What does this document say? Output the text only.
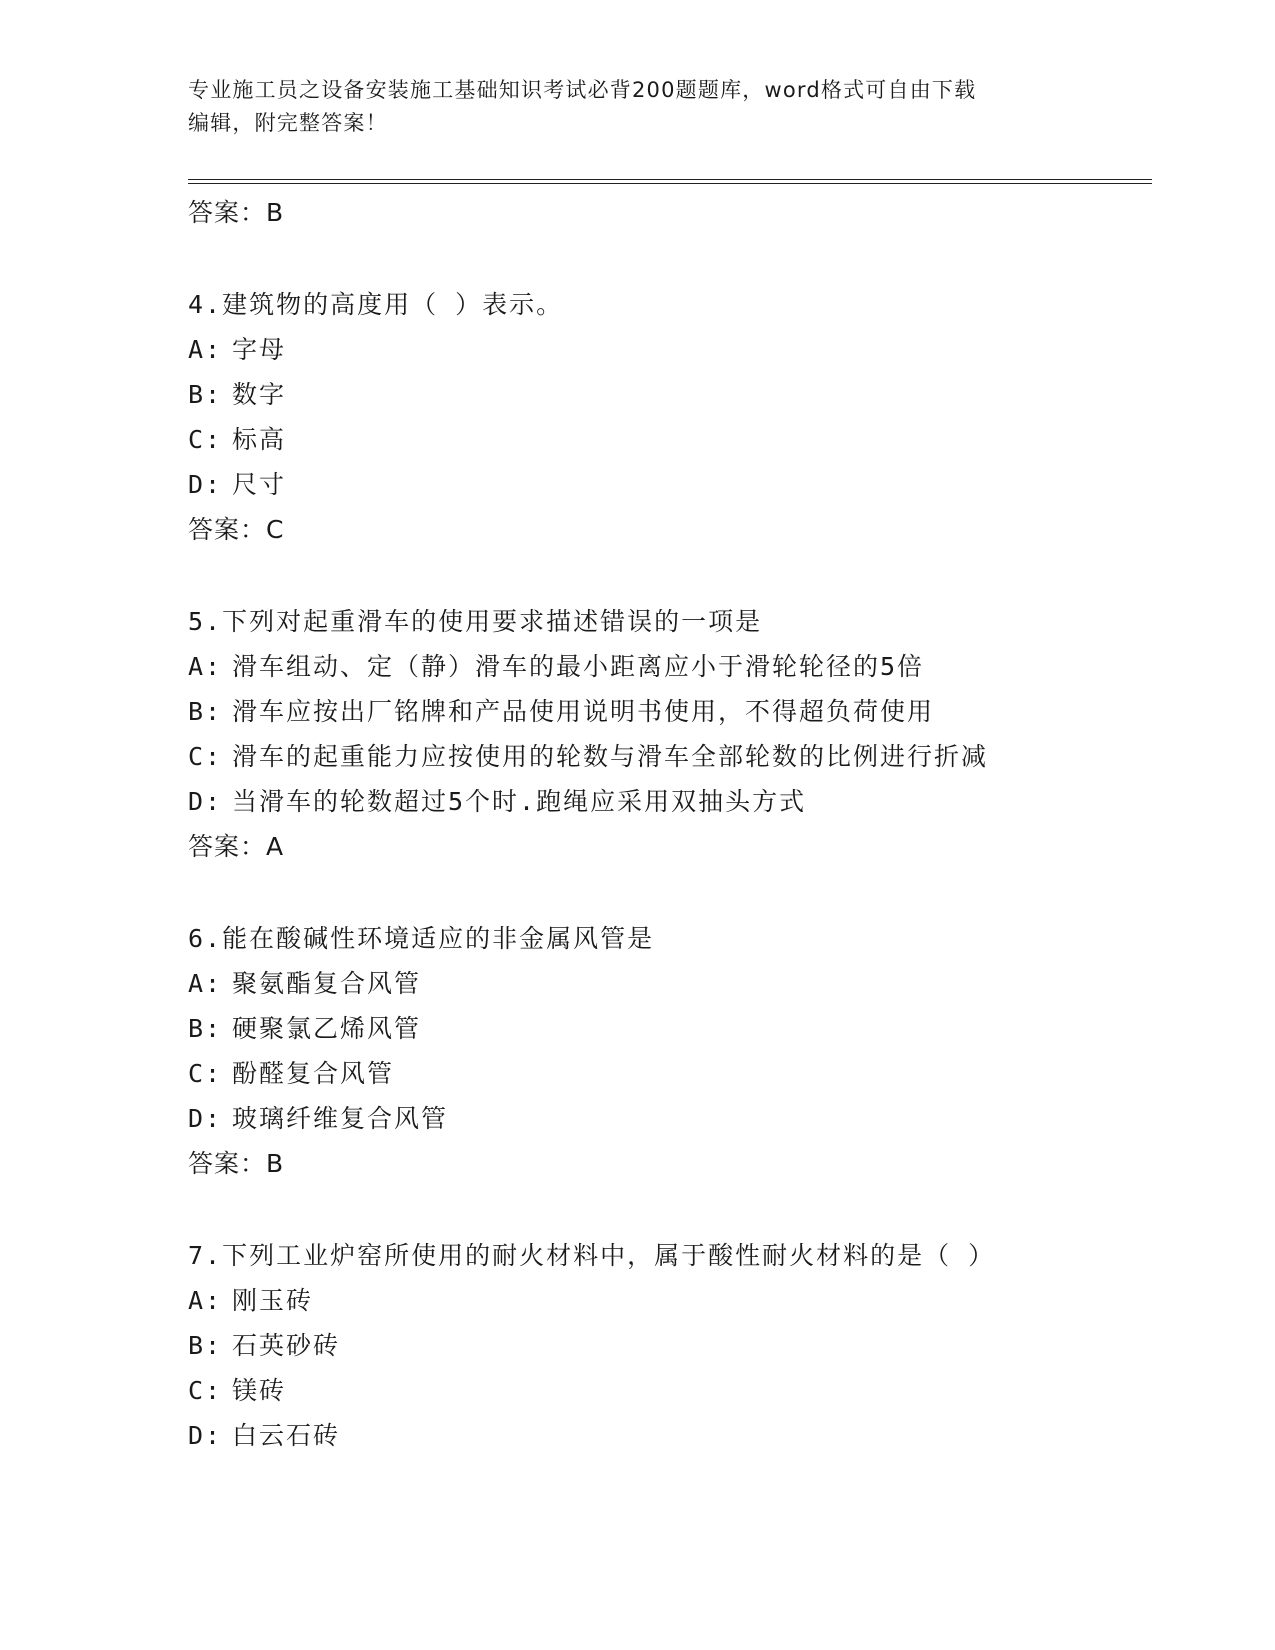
专业施工员之设备安装施工基础知识考试必背200题题库，word格式可自由下载
编辑，附完整答案！
答案：B
4.建筑物的高度用（ ）表示。
A: 字母
B: 数字
C: 标高
D: 尺寸
答案：C
5.下列对起重滑车的使用要求描述错误的一项是
A: 滑车组动、定（静）滑车的最小距离应小于滑轮轮径的5倍
B: 滑车应按出厂铭牌和产品使用说明书使用，不得超负荷使用
C: 滑车的起重能力应按使用的轮数与滑车全部轮数的比例进行折减
D: 当滑车的轮数超过5个时.跑绳应采用双抽头方式
答案：A
6.能在酸碱性环境适应的非金属风管是
A: 聚氨酯复合风管
B: 硬聚氯乙烯风管
C: 酚醛复合风管
D: 玻璃纤维复合风管
答案：B
7.下列工业炉窑所使用的耐火材料中，属于酸性耐火材料的是（ ）
A: 刚玉砖
B: 石英砂砖
C: 镁砖
D: 白云石砖
